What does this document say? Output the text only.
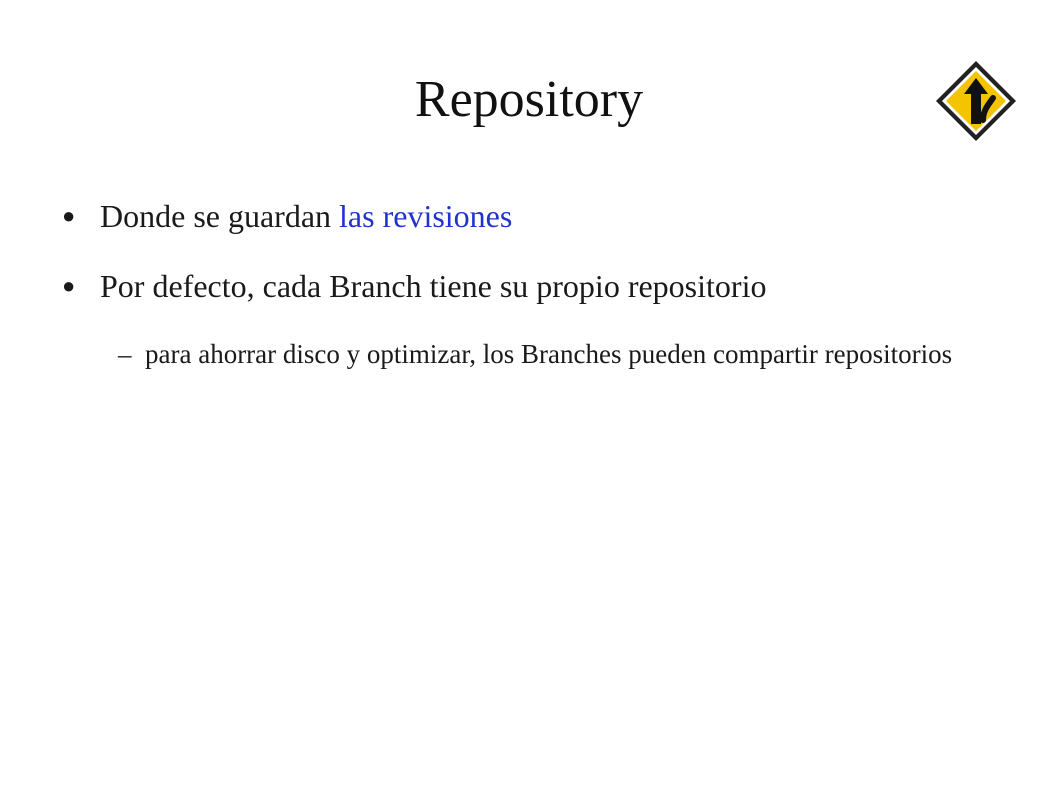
Repository
● Donde se guardan las revisiones
● Por defecto, cada Branch tiene su propio repositorio
– para ahorrar disco y optimizar, los Branches pueden compartir repositorios
